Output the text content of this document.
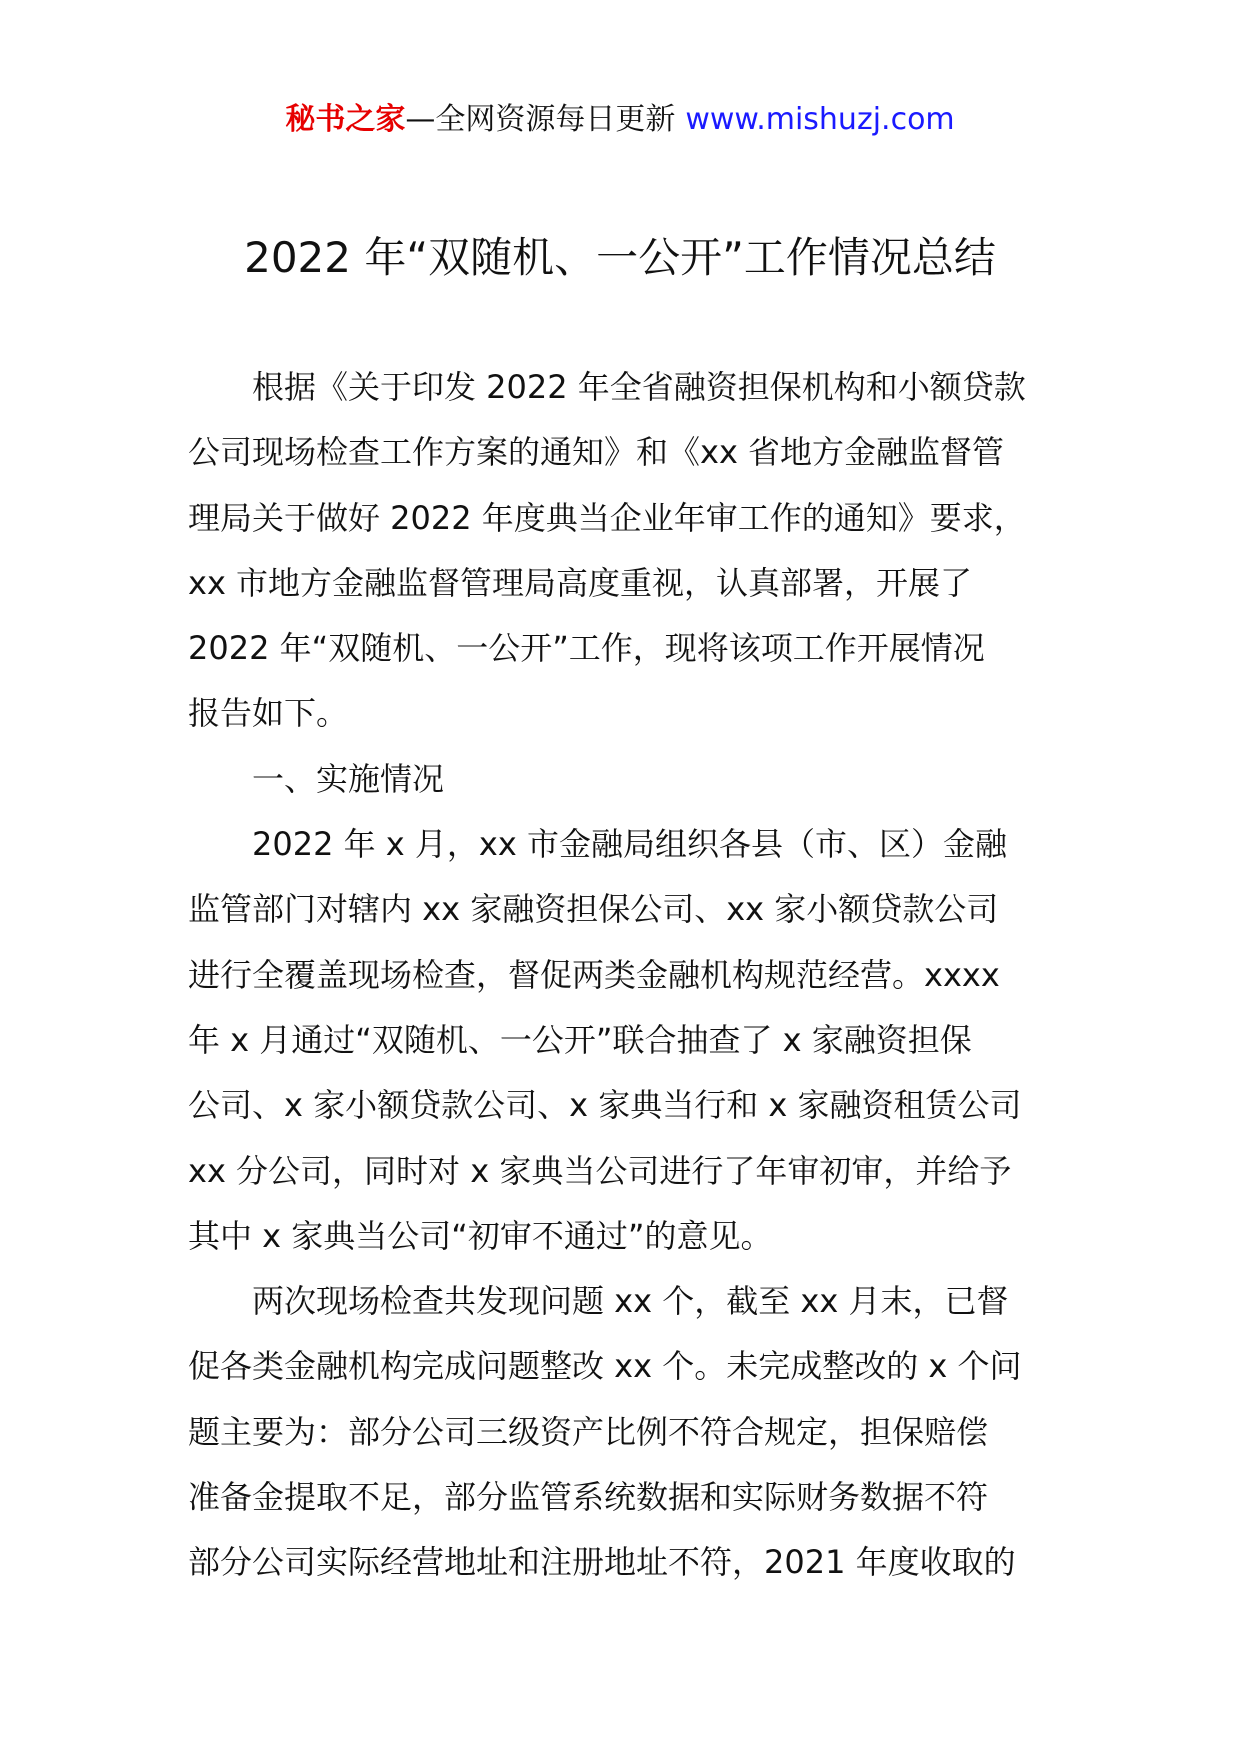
秘书之家—全网资源每日更新 www.mishuzj.com
2022 年“双随机、一公开”工作情况总结
根据《关于印发 2022 年全省融资担保机构和小额贷款
公司现场检查工作方案的通知》和《xx 省地方金融监督管
理局关于做好 2022 年度典当企业年审工作的通知》要求，
xx 市地方金融监督管理局高度重视，认真部署，开展了
2022 年“双随机、一公开”工作，现将该项工作开展情况
报告如下。
一、实施情况
2022 年 x 月，xx 市金融局组织各县（市、区）金融
监管部门对辖内 xx 家融资担保公司、xx 家小额贷款公司
进行全覆盖现场检查，督促两类金融机构规范经营。xxxx
年 x 月通过“双随机、一公开”联合抽查了 x 家融资担保
公司、x 家小额贷款公司、x 家典当行和 x 家融资租赁公司
xx 分公司，同时对 x 家典当公司进行了年审初审，并给予
其中 x 家典当公司“初审不通过”的意见。
两次现场检查共发现问题 xx 个，截至 xx 月末，已督
促各类金融机构完成问题整改 xx 个。未完成整改的 x 个问
题主要为：部分公司三级资产比例不符合规定，担保赔偿
准备金提取不足，部分监管系统数据和实际财务数据不符
部分公司实际经营地址和注册地址不符，2021 年度收取的
